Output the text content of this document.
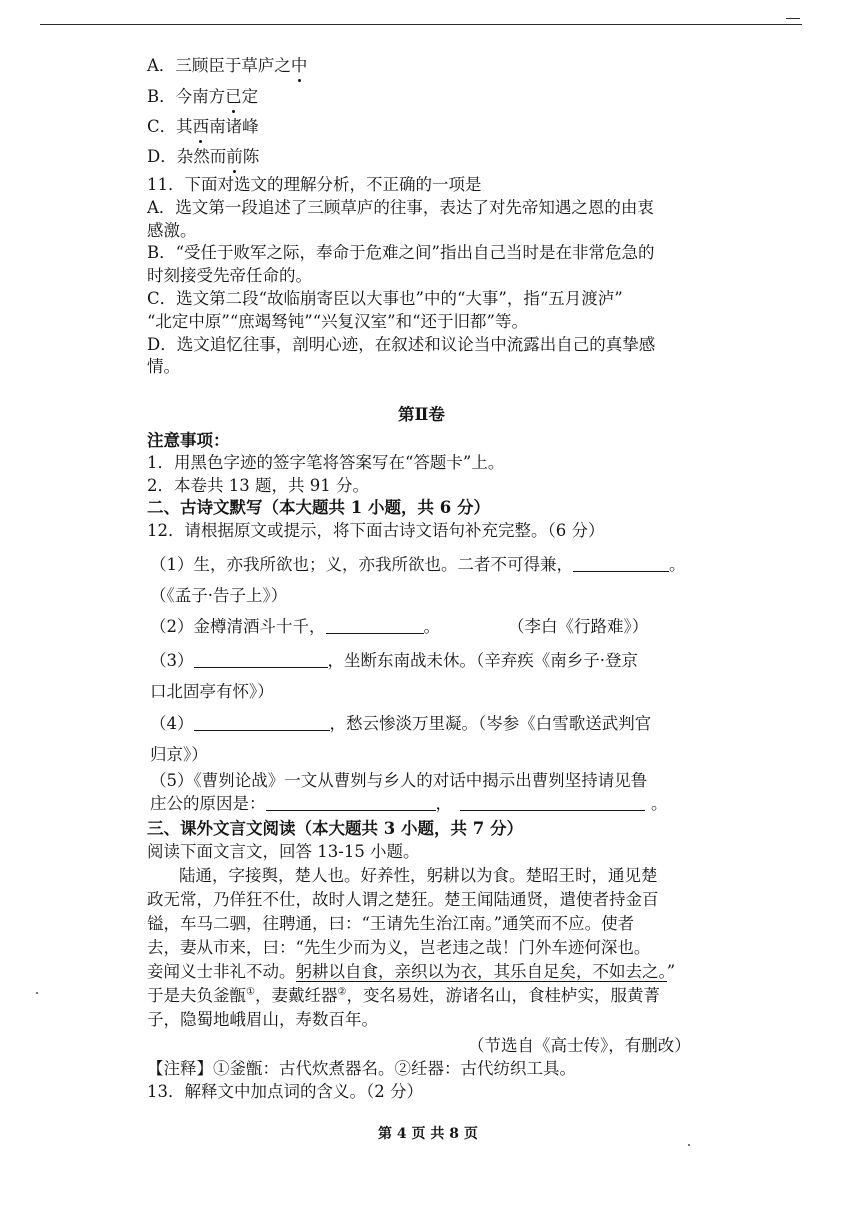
A．三顾臣于草庐之中
B．今南方已定
C．其西南诸峰
D．杂然而前陈
11．下面对选文的理解分析，不正确的一项是
A．选文第一段追述了三顾草庐的往事，表达了对先帝知遇之恩的由衷
感激。
B．“受任于败军之际，奉命于危难之间”指出自己当时是在非常危急的
时刻接受先帝任命的。
C．选文第二段“故临崩寄臣以大事也”中的“大事”，指“五月渡泸”
“北定中原”“庶竭驽钝”“兴复汉室”和“还于旧都”等。
D．选文追忆往事，剖明心迹，在叙述和议论当中流露出自己的真挚感
情。
第Ⅱ卷
注意事项：
1．用黑色字迹的签字笔将答案写在“答题卡”上。
2．本卷共 13 题，共 91 分。
二、古诗文默写（本大题共 1 小题，共 6 分）
12．请根据原文或提示，将下面古诗文语句补充完整。（6 分）
（1）生，亦我所欲也；义，亦我所欲也。二者不可得兼，	。
（《孟子·告子上》）
（2）金樽清酒斗十千，	。	（李白《行路难》）
（3）	，坐断东南战未休。（辛弃疾《南乡子·登京
口北固亭有怀》）
（4）	，愁云惨淡万里凝。（岑参《白雪歌送武判官
归京》）
（5）《曹刿论战》一文从曹刿与乡人的对话中揭示出曹刿坚持请见鲁
庄公的原因是：	，	。
三、课外文言文阅读（本大题共 3 小题，共 7 分）
阅读下面文言文，回答 13-15 小题。
陆通，字接舆，楚人也。好养性，躬耕以为食。楚昭王时，通见楚
政无常，乃佯狂不仕，故时人谓之楚狂。楚王闻陆通贤，遣使者持金百
镒，车马二驷，往聘通，曰：“王请先生治江南。”通笑而不应。使者
去，妻从市来，曰：“先生少而为义，岂老违之哉！门外车迹何深也。
妾闻义士非礼不动。躬耕以自食，亲织以为衣，其乐自足矣，不如去之。”
于是夫负釜甑①，妻戴纴器②，变名易姓，游诸名山，食桂栌实，服黄菁
子，隐蜀地峨眉山，寿数百年。
（节选自《高士传》，有删改）
【注释】①釜甑：古代炊煮器名。②纴器：古代纺织工具。
13．解释文中加点词的含义。（2 分）
第 4 页 共 8 页
